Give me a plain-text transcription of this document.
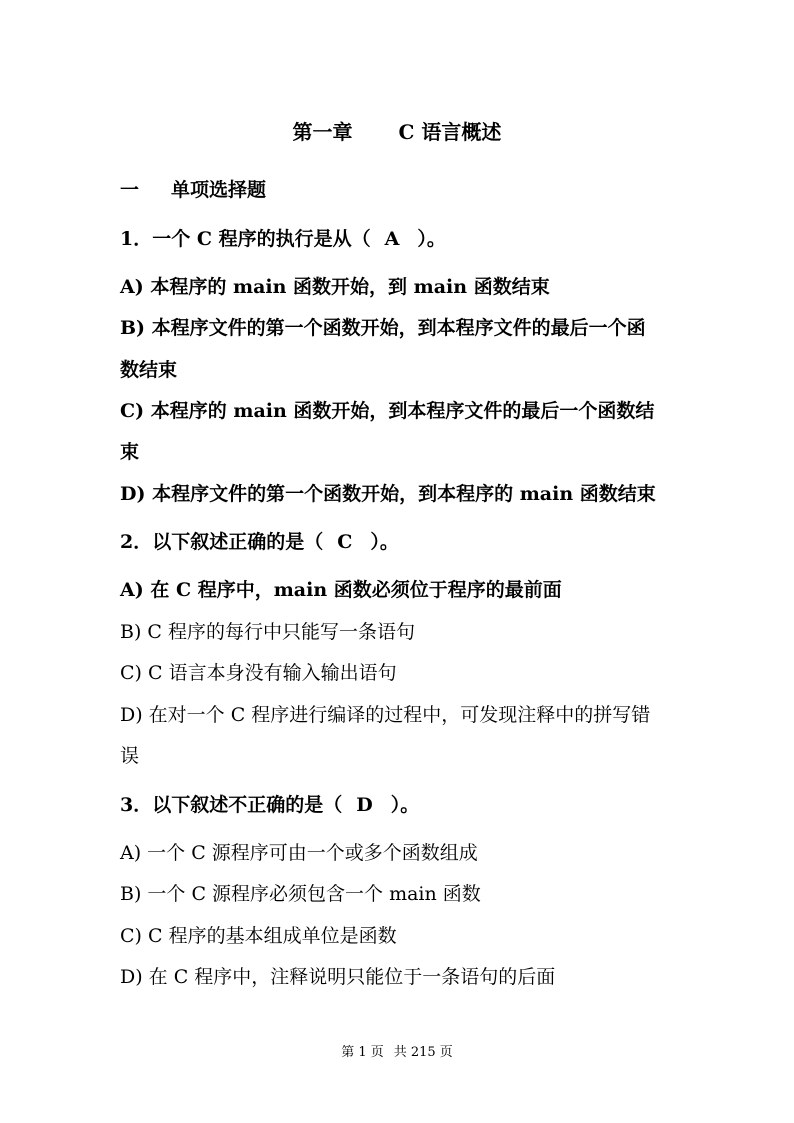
第一章 C 语言概述
一 单项选择题
1．一个 C 程序的执行是从（ A ）。
A) 本程序的 main 函数开始，到 main 函数结束
B) 本程序文件的第一个函数开始，到本程序文件的最后一个函
数结束
C) 本程序的 main 函数开始，到本程序文件的最后一个函数结
束
D) 本程序文件的第一个函数开始，到本程序的 main 函数结束
2．以下叙述正确的是（ C ）。
A) 在 C 程序中，main 函数必须位于程序的最前面
B) C 程序的每行中只能写一条语句
C) C 语言本身没有输入输出语句
D) 在对一个 C 程序进行编译的过程中，可发现注释中的拼写错
误
3．以下叙述不正确的是（ D ）。
A) 一个 C 源程序可由一个或多个函数组成
B) 一个 C 源程序必须包含一个 main 函数
C) C 程序的基本组成单位是函数
D) 在 C 程序中，注释说明只能位于一条语句的后面
第 1 页 共 215 页
